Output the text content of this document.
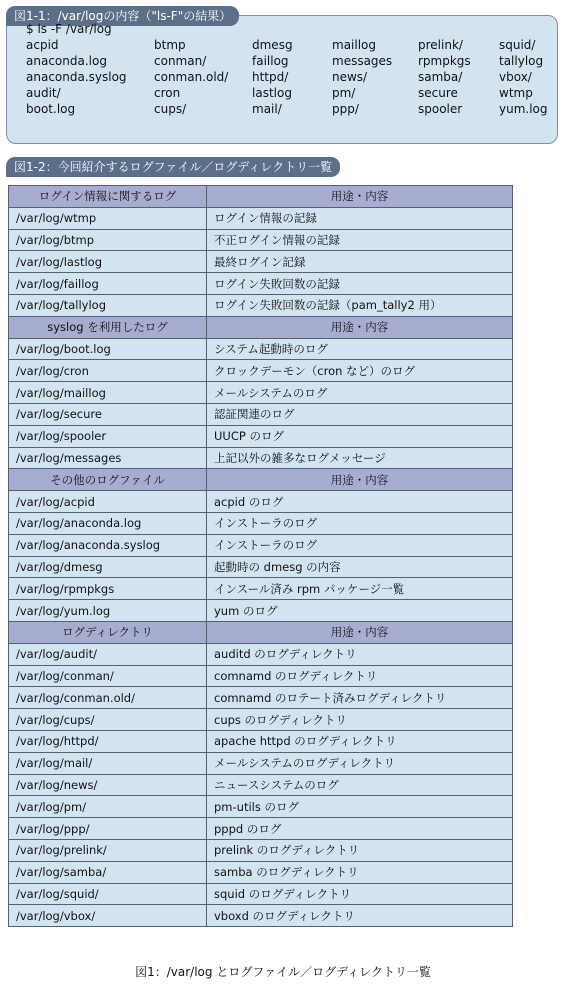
図1-1：/var/logの内容（"ls-F"の結果）
$ ls -F /var/log
acpid	btmp	dmesg	maillog	prelink/	squid/
anaconda.log	conman/	faillog	messages rpmpkgs tallylog
anaconda.syslog conman.old/ httpd/	news/	samba/	vbox/
audit/	cron	lastlog	pm/	secure	wtmp
boot.log	cups/	mail/	ppp/	spooler	yum.log
図1-2：今回紹介するログファイル／ログディレクトリ一覧
ログイン情報に関するログ	用途・内容
/var/log/wtmp	ログイン情報の記録
/var/log/btmp	不正ログイン情報の記録
/var/log/lastlog	最終ログイン記録
/var/log/faillog	ログイン失敗回数の記録
/var/log/tallylog	ログイン失敗回数の記録（pam_tally2 用）
syslog を利用したログ	用途・内容
/var/log/boot.log	システム起動時のログ
/var/log/cron	クロックデーモン（cron など）のログ
/var/log/maillog	メールシステムのログ
/var/log/secure	認証関連のログ
/var/log/spooler	UUCP のログ
/var/log/messages	上記以外の雑多なログメッセージ
その他のログファイル	用途・内容
/var/log/acpid	acpid のログ
/var/log/anaconda.log	インストーラのログ
/var/log/anaconda.syslog	インストーラのログ
/var/log/dmesg	起動時の dmesg の内容
/var/log/rpmpkgs	インスール済み rpm パッケージ一覧
/var/log/yum.log	yum のログ
ログディレクトリ	用途・内容
/var/log/audit/	auditd のログディレクトリ
/var/log/conman/	comnamd のログディレクトリ
/var/log/conman.old/	comnamd のロテート済みログディレクトリ
/var/log/cups/	cups のログディレクトリ
/var/log/httpd/	apache httpd のログディレクトリ
/var/log/mail/	メールシステムのログディレクトリ
/var/log/news/	ニュースシステムのログ
/var/log/pm/	pm-utils のログ
/var/log/ppp/	pppd のログ
/var/log/prelink/	prelink のログディレクトリ
/var/log/samba/	samba のログディレクトリ
/var/log/squid/	squid のログディレクトリ
/var/log/vbox/	vboxd のログディレクトリ
図1：/var/log とログファイル／ログディレクトリ一覧
